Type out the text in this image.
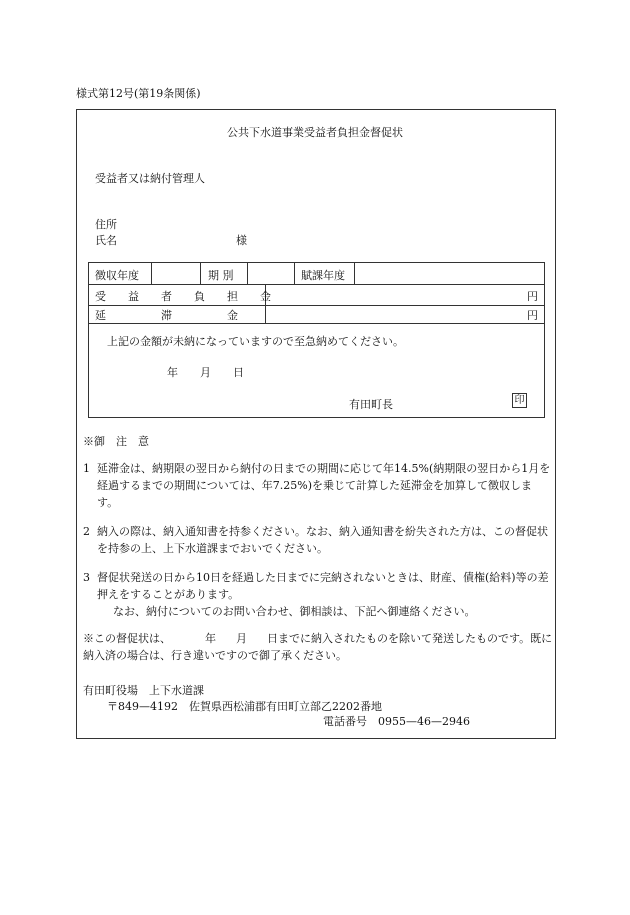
様式第12号(第19条関係)
公共下水道事業受益者負担金督促状
受益者又は納付管理人
住所
氏名	様
徴収年度	期 別	賦課年度
受　　益　　者　　負　　担　　金	円
延　　　　　滞　　　　　金	円
上記の金額が未納になっていますので至急納めてください。
年　　月　　日
有田町長	印
※御　注　意
1 延滞金は、納期限の翌日から納付の日までの期間に応じて年14.5%(納期限の翌日から1月を経過するまでの期間については、年7.25%)を乗じて計算した延滞金を加算して徴収します。
2 納入の際は、納入通知書を持参ください。なお、納入通知書を紛失された方は、この督促状を持参の上、上下水道課までおいでください。
3 督促状発送の日から10日を経過した日までに完納されないときは、財産、債権(給料)等の差押えをすることがあります。
なお、納付についてのお問い合わせ、御相談は、下記へ御連絡ください。
※この督促状は、	年 月 日までに納入されたものを除いて発送したものです。既に納入済の場合は、行き違いですので御了承ください。
有田町役場　上下水道課
〒849—4192　佐賀県西松浦郡有田町立部乙2202番地
電話番号　0955—46—2946
